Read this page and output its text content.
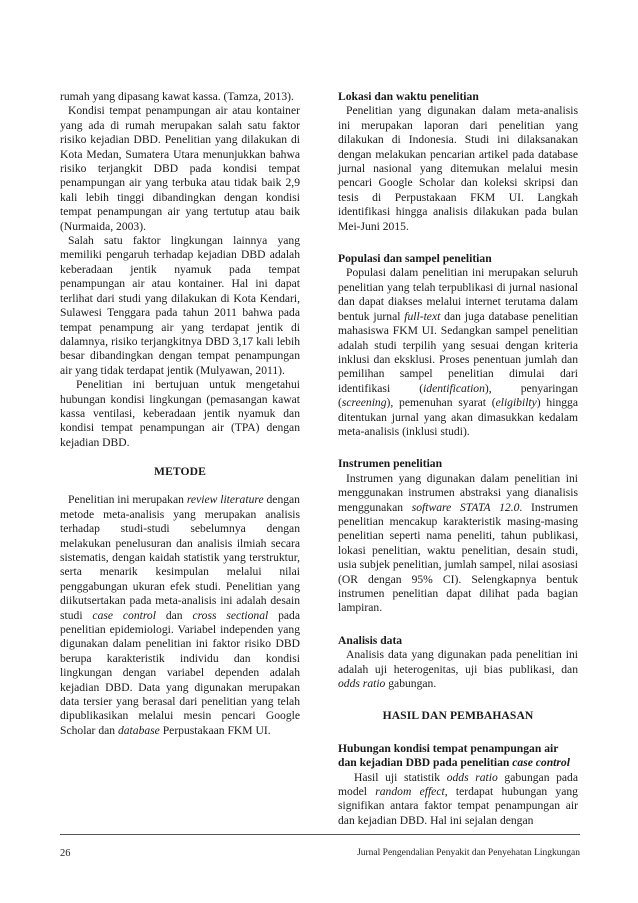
rumah yang dipasang kawat kassa. (Tamza, 2013).

Kondisi tempat penampungan air atau kontainer yang ada di rumah merupakan salah satu faktor risiko kejadian DBD. Penelitian yang dilakukan di Kota Medan, Sumatera Utara menunjukkan bahwa risiko terjangkit DBD pada kondisi tempat penampungan air yang terbuka atau tidak baik 2,9 kali lebih tinggi dibandingkan dengan kondisi tempat penampungan air yang tertutup atau baik (Nurmaida, 2003).

Salah satu faktor lingkungan lainnya yang memiliki pengaruh terhadap kejadian DBD adalah keberadaan jentik nyamuk pada tempat penampungan air atau kontainer. Hal ini dapat terlihat dari studi yang dilakukan di Kota Kendari, Sulawesi Tenggara pada tahun 2011 bahwa pada tempat penampung air yang terdapat jentik di dalamnya, risiko terjangkitnya DBD 3,17 kali lebih besar dibandingkan dengan tempat penampungan air yang tidak terdapat jentik (Mulyawan, 2011).

Penelitian ini bertujuan untuk mengetahui hubungan kondisi lingkungan (pemasangan kawat kassa ventilasi, keberadaan jentik nyamuk dan kondisi tempat penampungan air (TPA) dengan kejadian DBD.

METODE

Penelitian ini merupakan review literature dengan metode meta-analisis yang merupakan analisis terhadap studi-studi sebelumnya dengan melakukan penelusuran dan analisis ilmiah secara sistematis, dengan kaidah statistik yang terstruktur, serta menarik kesimpulan melalui nilai penggabungan ukuran efek studi. Penelitian yang diikutsertakan pada meta-analisis ini adalah desain studi case control dan cross sectional pada penelitian epidemiologi. Variabel independen yang digunakan dalam penelitian ini faktor risiko DBD berupa karakteristik individu dan kondisi lingkungan dengan variabel dependen adalah kejadian DBD. Data yang digunakan merupakan data tersier yang berasal dari penelitian yang telah dipublikasikan melalui mesin pencari Google Scholar dan database Perpustakaan FKM UI.

Lokasi dan waktu penelitian

Penelitian yang digunakan dalam meta-analisis ini merupakan laporan dari penelitian yang dilakukan di Indonesia. Studi ini dilaksanakan dengan melakukan pencarian artikel pada database jurnal nasional yang ditemukan melalui mesin pencari Google Scholar dan koleksi skripsi dan tesis di Perpustakaan FKM UI. Langkah identifikasi hingga analisis dilakukan pada bulan Mei-Juni 2015.

Populasi dan sampel penelitian

Populasi dalam penelitian ini merupakan seluruh penelitian yang telah terpublikasi di jurnal nasional dan dapat diakses melalui internet terutama dalam bentuk jurnal full-text dan juga database penelitian mahasiswa FKM UI. Sedangkan sampel penelitian adalah studi terpilih yang sesuai dengan kriteria inklusi dan eksklusi. Proses penentuan jumlah dan pemilihan sampel penelitian dimulai dari identifikasi (identification), penyaringan (screening), pemenuhan syarat (eligibilty) hingga ditentukan jurnal yang akan dimasukkan kedalam meta-analisis (inklusi studi).

Instrumen penelitian

Instrumen yang digunakan dalam penelitian ini menggunakan instrumen abstraksi yang dianalisis menggunakan software STATA 12.0. Instrumen penelitian mencakup karakteristik masing-masing penelitian seperti nama peneliti, tahun publikasi, lokasi penelitian, waktu penelitian, desain studi, usia subjek penelitian, jumlah sampel, nilai asosiasi (OR dengan 95% CI). Selengkapnya bentuk instrumen penelitian dapat dilihat pada bagian lampiran.

Analisis data

Analisis data yang digunakan pada penelitian ini adalah uji heterogenitas, uji bias publikasi, dan odds ratio gabungan.

HASIL DAN PEMBAHASAN
Hubungan kondisi tempat penampungan air dan kejadian DBD pada penelitian case control

Hasil uji statistik odds ratio gabungan pada model random effect, terdapat hubungan yang signifikan antara faktor tempat penampungan air dan kejadian DBD. Hal ini sejalan dengan

26	Jurnal Pengendalian Penyakit dan Penyehatan Lingkungan
